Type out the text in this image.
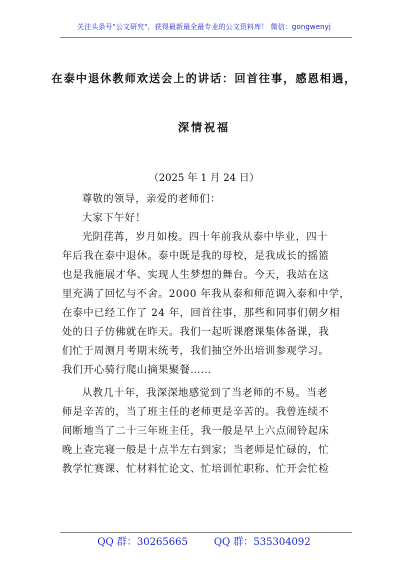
关注头条号"公文研究"，获得最新最全最专业的公文资料库！ 微信：gongwenyj
在泰中退休教师欢送会上的讲话：回首往事，感恩相遇，
深情祝福
（2025 年 1 月 24 日）
尊敬的领导，亲爱的老师们：
大家下午好！
光阴荏苒，岁月如梭。四十年前我从泰中毕业，四十
年后我在泰中退休。泰中既是我的母校，是我成长的摇篮
也是我施展才华、实现人生梦想的舞台。今天，我站在这
里充满了回忆与不舍。2000 年我从泰和师范调入泰和中学，
在泰中已经工作了 24 年，回首往事，那些和同事们朝夕相
处的日子仿佛就在昨天。我们一起听课磨课集体备课，我
们忙于周测月考期末统考，我们抽空外出培训参观学习。
我们开心骑行爬山摘果聚餐……
从教几十年，我深深地感觉到了当老师的不易。当老
师是辛苦的，当了班主任的老师更是辛苦的。我曾连续不
间断地当了二十三年班主任，我一般是早上六点闹铃起床
晚上查完寝一般是十点半左右到家；当老师是忙碌的，忙
教学忙赛课、忙材料忙论文、忙培训忙职称、忙开会忙检
QQ 群：30265665	QQ 群：535304092
